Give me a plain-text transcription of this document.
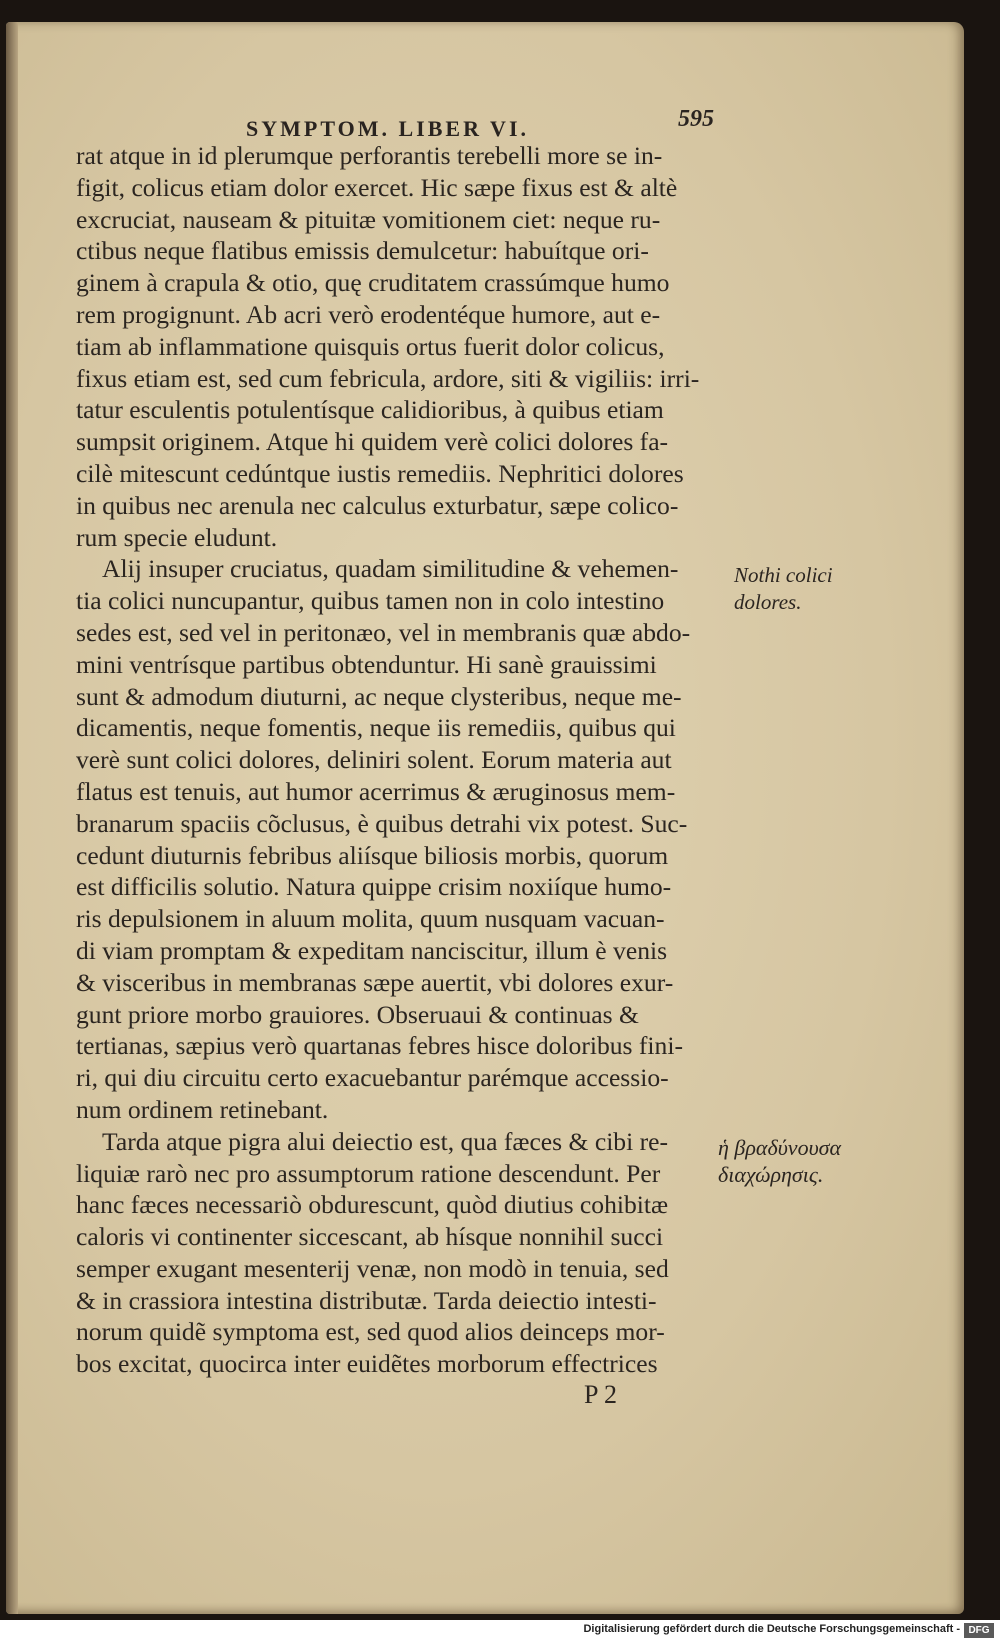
SYMPTOM. LIBER VI.	595
rat atque in id plerumque perforantis terebelli more se in-
figit, colicus etiam dolor exercet. Hic sæpe fixus est & altè
excruciat, nauseam & pituitæ vomitionem ciet: neque ru-
ctibus neque flatibus emissis demulcetur: habuítque ori-
ginem à crapula & otio, quę cruditatem crassúmque humo
rem progignunt. Ab acri verò erodentéque humore, aut e-
tiam ab inflammatione quisquis ortus fuerit dolor colicus,
fixus etiam est, sed cum febricula, ardore, siti & vigiliis: irri-
tatur esculentis potulentísque calidioribus, à quibus etiam
sumpsit originem. Atque hi quidem verè colici dolores fa-
cilè mitescunt cedúntque iustis remediis. Nephritici dolores
in quibus nec arenula nec calculus exturbatur, sæpe colico-
rum specie eludunt.
Alij insuper cruciatus, quadam similitudine & vehemen-
tia colici nuncupantur, quibus tamen non in colo intestino
sedes est, sed vel in peritonæo, vel in membranis quæ abdo-
mini ventrísque partibus obtenduntur. Hi sanè grauissimi
sunt & admodum diuturni, ac neque clysteribus, neque me-
dicamentis, neque fomentis, neque iis remediis, quibus qui
verè sunt colici dolores, deliniri solent. Eorum materia aut
flatus est tenuis, aut humor acerrimus & æruginosus mem-
branarum spaciis cõclusus, è quibus detrahi vix potest. Suc-
cedunt diuturnis febribus aliísque biliosis morbis, quorum
est difficilis solutio. Natura quippe crisim noxiíque humo-
ris depulsionem in aluum molita, quum nusquam vacuan-
di viam promptam & expeditam nanciscitur, illum è venis
& visceribus in membranas sæpe auertit, vbi dolores exur-
gunt priore morbo grauiores. Obseruaui & continuas &
tertianas, sæpius verò quartanas febres hisce doloribus fini-
ri, qui diu circuitu certo exacuebantur parémque accessio-
num ordinem retinebant.
Tarda atque pigra alui deiectio est, qua fæces & cibi re-
liquiæ rarò nec pro assumptorum ratione descendunt. Per
hanc fæces necessariò obdurescunt, quòd diutius cohibitæ
caloris vi continenter siccescant, ab hísque nonnihil succi
semper exugant mesenterij venæ, non modò in tenuia, sed
& in crassiora intestina distributæ. Tarda deiectio intesti-
norum quidẽ symptoma est, sed quod alios deinceps mor-
bos excitat, quocirca inter euidẽtes morborum effectrices
Nothi colici
dolores.
ἡ βραδύνουσα
διαχώρησις.
P 2
Digitalisierung gefördert durch die Deutsche Forschungsgemeinschaft - DFG
